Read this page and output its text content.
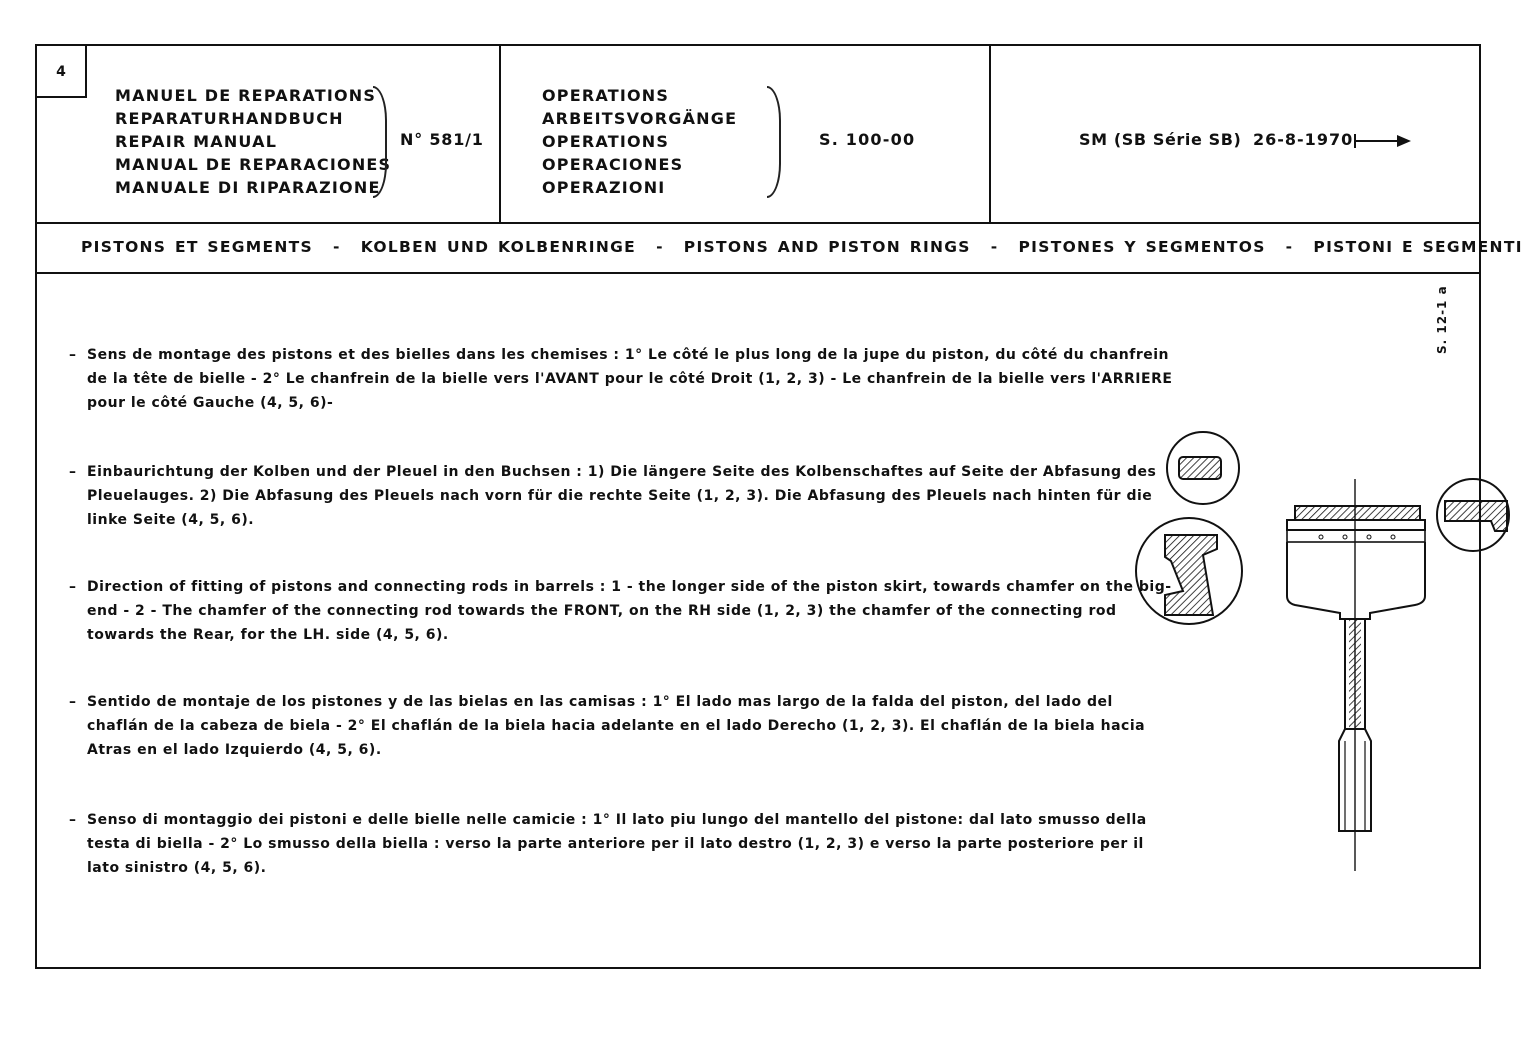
4
MANUEL DE REPARATIONS
REPARATURHANDBUCH
REPAIR MANUAL
MANUAL DE REPARACIONES
MANUALE DI RIPARAZIONE
N° 581/1
OPERATIONS
ARBEITSVORGÄNGE
OPERATIONS
OPERACIONES
OPERAZIONI
S. 100-00	SM (SB Série SB) 26-8-1970
PISTONS ET SEGMENTS - KOLBEN UND KOLBENRINGE - PISTONS AND PISTON RINGS - PISTONES Y SEGMENTOS - PISTONI E SEGMENTI
S. 12-1 a
– Sens de montage des pistons et des bielles dans les chemises : 1° Le côté le plus long de la jupe du piston, du côté du chanfrein de la tête de bielle - 2° Le chanfrein de la bielle vers l'AVANT pour le côté Droit (1, 2, 3) - Le chanfrein de la bielle vers l'ARRIERE pour le côté Gauche (4, 5, 6)-
– Einbaurichtung der Kolben und der Pleuel in den Buchsen : 1) Die längere Seite des Kolbenschaftes auf Seite der Abfasung des Pleuelauges. 2) Die Abfasung des Pleuels nach vorn für die rechte Seite (1, 2, 3). Die Abfasung des Pleuels nach hinten für die linke Seite (4, 5, 6).
– Direction of fitting of pistons and connecting rods in barrels : 1 - the longer side of the piston skirt, towards chamfer on the big-end - 2 - The chamfer of the connecting rod towards the FRONT, on the RH side (1, 2, 3) the chamfer of the connecting rod towards the Rear, for the LH. side (4, 5, 6).
– Sentido de montaje de los pistones y de las bielas en las camisas : 1° El lado mas largo de la falda del piston, del lado del chaflán de la cabeza de biela - 2° El chaflán de la biela hacia adelante en el lado Derecho (1, 2, 3). El chaflán de la biela hacia Atras en el lado Izquierdo (4, 5, 6).
– Senso di montaggio dei pistoni e delle bielle nelle camicie : 1° Il lato piu lungo del mantello del pistone: dal lato smusso della testa di biella - 2° Lo smusso della biella : verso la parte anteriore per il lato destro (1, 2, 3) e verso la parte posteriore per il lato sinistro (4, 5, 6).
